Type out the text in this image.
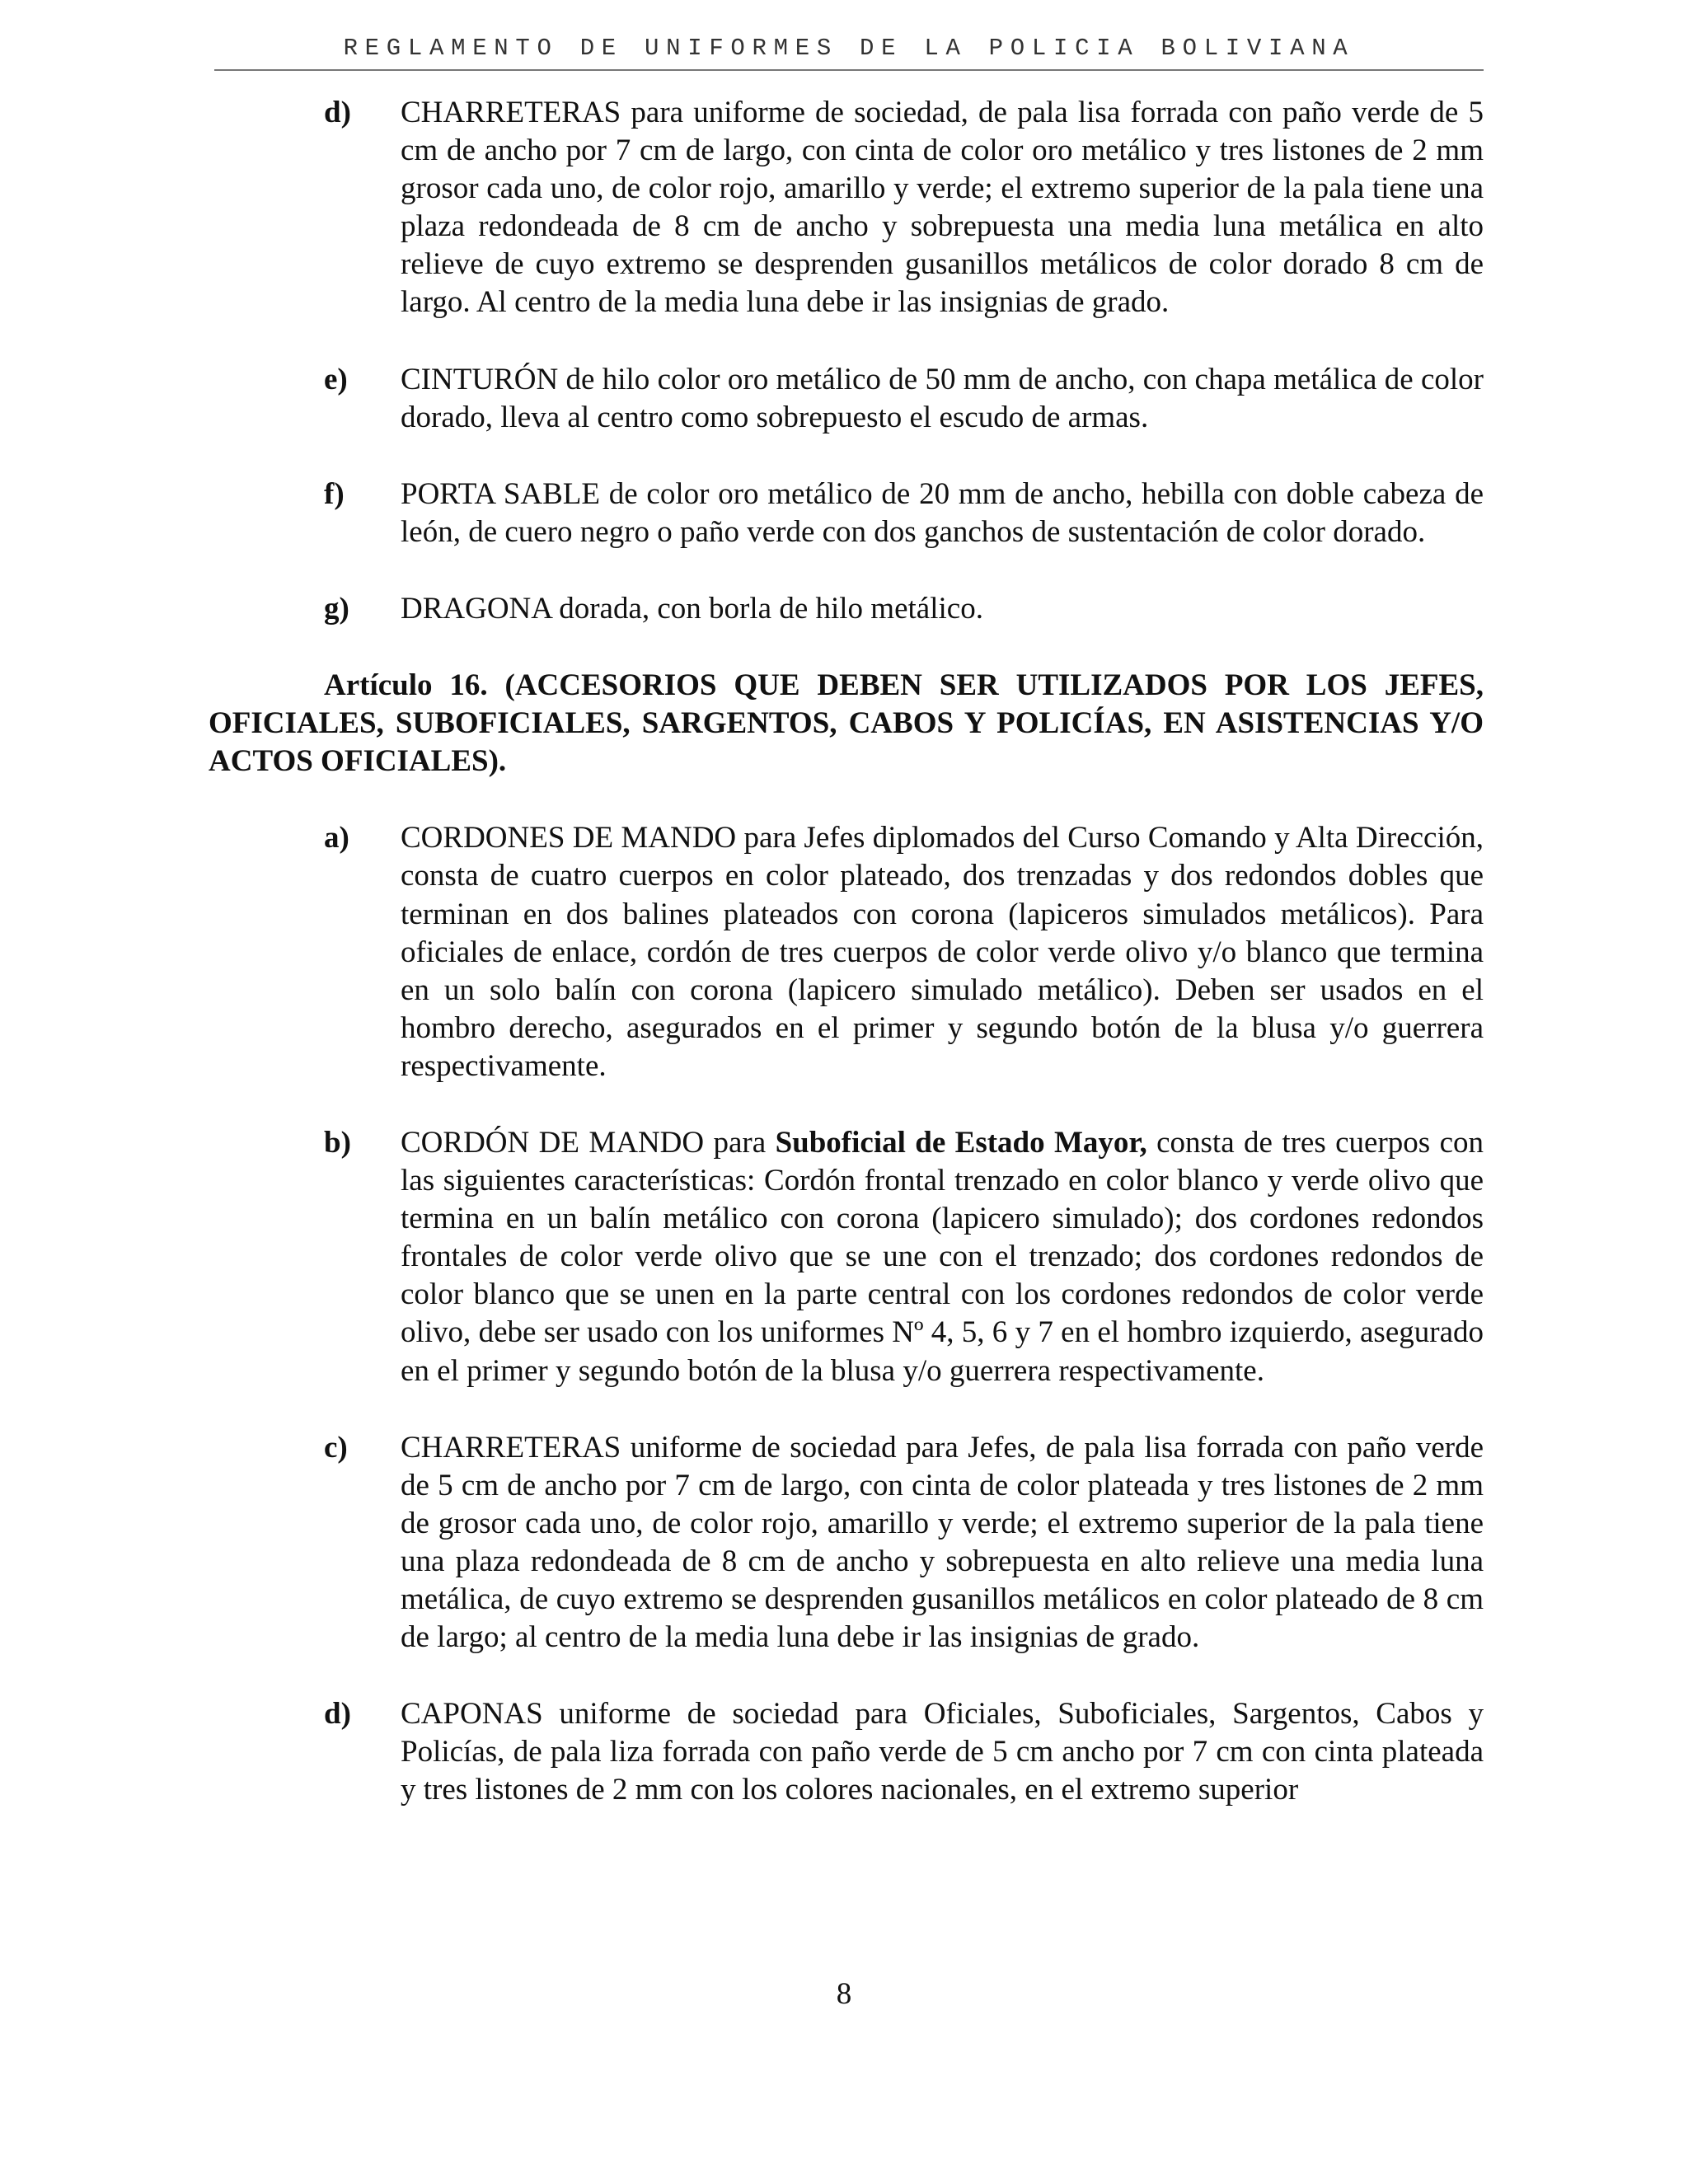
REGLAMENTO DE UNIFORMES DE LA POLICIA BOLIVIANA
d) CHARRETERAS para uniforme de sociedad, de pala lisa forrada con paño verde de 5 cm de ancho por 7 cm de largo, con cinta de color oro metálico y tres listones de 2 mm grosor cada uno, de color rojo, amarillo y verde; el extremo superior de la pala tiene una plaza redondeada de 8 cm de ancho y sobrepuesta una media luna metálica en alto relieve de cuyo extremo se desprenden gusanillos metálicos de color dorado 8 cm de largo. Al centro de la media luna debe ir las insignias de grado.
e) CINTURÓN de hilo color oro metálico de 50 mm de ancho, con chapa metálica de color dorado, lleva al centro como sobrepuesto el escudo de armas.
f) PORTA SABLE de color oro metálico de 20 mm de ancho, hebilla con doble cabeza de león, de cuero negro o paño verde con dos ganchos de sustentación de color dorado.
g) DRAGONA dorada, con borla de hilo metálico.
Artículo 16. (ACCESORIOS QUE DEBEN SER UTILIZADOS POR LOS JEFES, OFICIALES, SUBOFICIALES, SARGENTOS, CABOS Y POLICÍAS, EN ASISTENCIAS Y/O ACTOS OFICIALES).
a) CORDONES DE MANDO para Jefes diplomados del Curso Comando y Alta Dirección, consta de cuatro cuerpos en color plateado, dos trenzadas y dos redondos dobles que terminan en dos balines plateados con corona (lapiceros simulados metálicos). Para oficiales de enlace, cordón de tres cuerpos de color verde olivo y/o blanco que termina en un solo balín con corona (lapicero simulado metálico). Deben ser usados en el hombro derecho, asegurados en el primer y segundo botón de la blusa y/o guerrera respectivamente.
b) CORDÓN DE MANDO para Suboficial de Estado Mayor, consta de tres cuerpos con las siguientes características: Cordón frontal trenzado en color blanco y verde olivo que termina en un balín metálico con corona (lapicero simulado); dos cordones redondos frontales de color verde olivo que se une con el trenzado; dos cordones redondos de color blanco que se unen en la parte central con los cordones redondos de color verde olivo, debe ser usado con los uniformes Nº 4, 5, 6 y 7 en el hombro izquierdo, asegurado en el primer y segundo botón de la blusa y/o guerrera respectivamente.
c) CHARRETERAS uniforme de sociedad para Jefes, de pala lisa forrada con paño verde de 5 cm de ancho por 7 cm de largo, con cinta de color plateada y tres listones de 2 mm de grosor cada uno, de color rojo, amarillo y verde; el extremo superior de la pala tiene una plaza redondeada de 8 cm de ancho y sobrepuesta en alto relieve una media luna metálica, de cuyo extremo se desprenden gusanillos metálicos en color plateado de 8 cm de largo; al centro de la media luna debe ir las insignias de grado.
d) CAPONAS uniforme de sociedad para Oficiales, Suboficiales, Sargentos, Cabos y Policías, de pala liza forrada con paño verde de 5 cm ancho por 7 cm con cinta plateada y tres listones de 2 mm con los colores nacionales, en el extremo superior
8
